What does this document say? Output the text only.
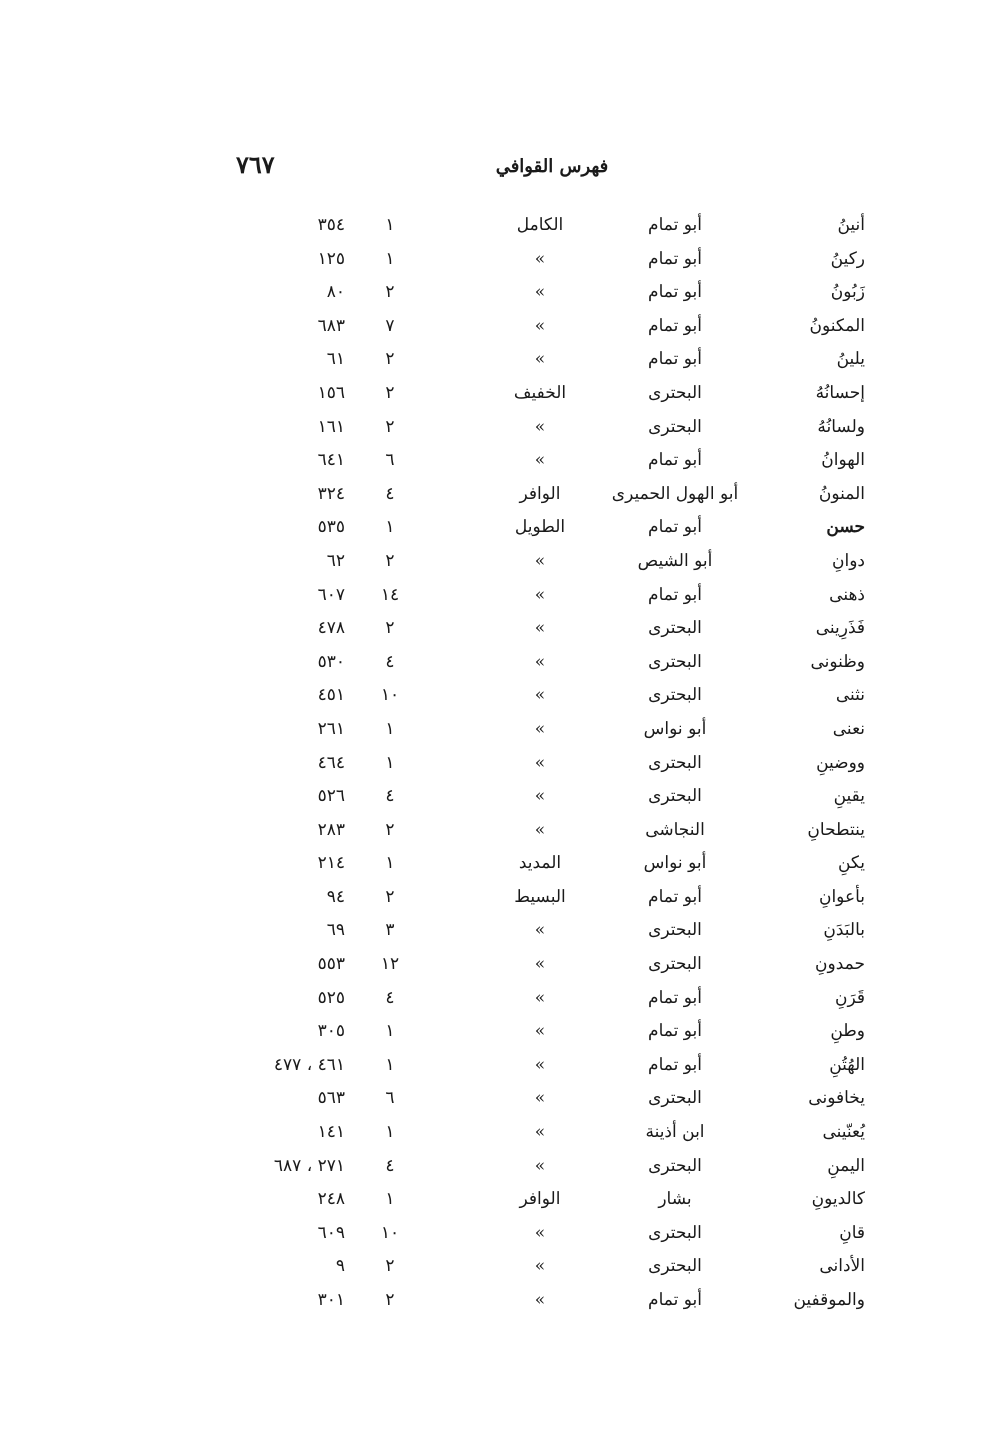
٧٦٧	فهرس القوافي
أنينُ
أبو تمام
الكامل
١
٣٥٤
ركينُ
أبو تمام
»
١
١٢٥
زَبُونُ
أبو تمام
»
٢
٨٠
المكنونُ
أبو تمام
»
٧
٦٨٣
يلينُ
أبو تمام
»
٢
٦١
إحسانُهُ
البحترى
الخفيف
٢
١٥٦
ولسانُهُ
البحترى
»
٢
١٦١
الهوانُ
أبو تمام
»
٦
٦٤١
المنونُ
أبو الهول الحميرى
الوافر
٤
٣٢٤
حسن
أبو تمام
الطويل
١
٥٣٥
دوانِ
أبو الشيص
»
٢
٦٢
ذهنى
أبو تمام
»
١٤
٦٠٧
فَذَرِينى
البحترى
»
٢
٤٧٨
وظنونى
البحترى
»
٤
٥٣٠
نثنى
البحترى
»
١٠
٤٥١
نعنى
أبو نواس
»
١
٢٦١
ووضينِ
البحترى
»
١
٤٦٤
يقينِ
البحترى
»
٤
٥٢٦
ينتطحانِ
النجاشى
»
٢
٢٨٣
يكنِ
أبو نواس
المديد
١
٢١٤
بأعوانِ
أبو تمام
البسيط
٢
٩٤
بالبَدَنِ
البحترى
»
٣
٦٩
حمدونِ
البحترى
»
١٢
٥٥٣
قَرَنِ
أبو تمام
»
٤
٥٢٥
وطنِ
أبو تمام
»
١
٣٠٥
الهُتُنِ
أبو تمام
»
١
٤٦١ ، ٤٧٧
يخافونى
البحترى
»
٦
٥٦٣
يُعنّينى
ابن أذينة
»
١
١٤١
اليمنِ
البحترى
»
٤
٢٧١ ، ٦٨٧
كالديونِ
بشار
الوافر
١
٢٤٨
قانِ
البحترى
»
١٠
٦٠٩
الأدانى
البحترى
»
٢
٩
والموقفين
أبو تمام
»
٢
٣٠١
